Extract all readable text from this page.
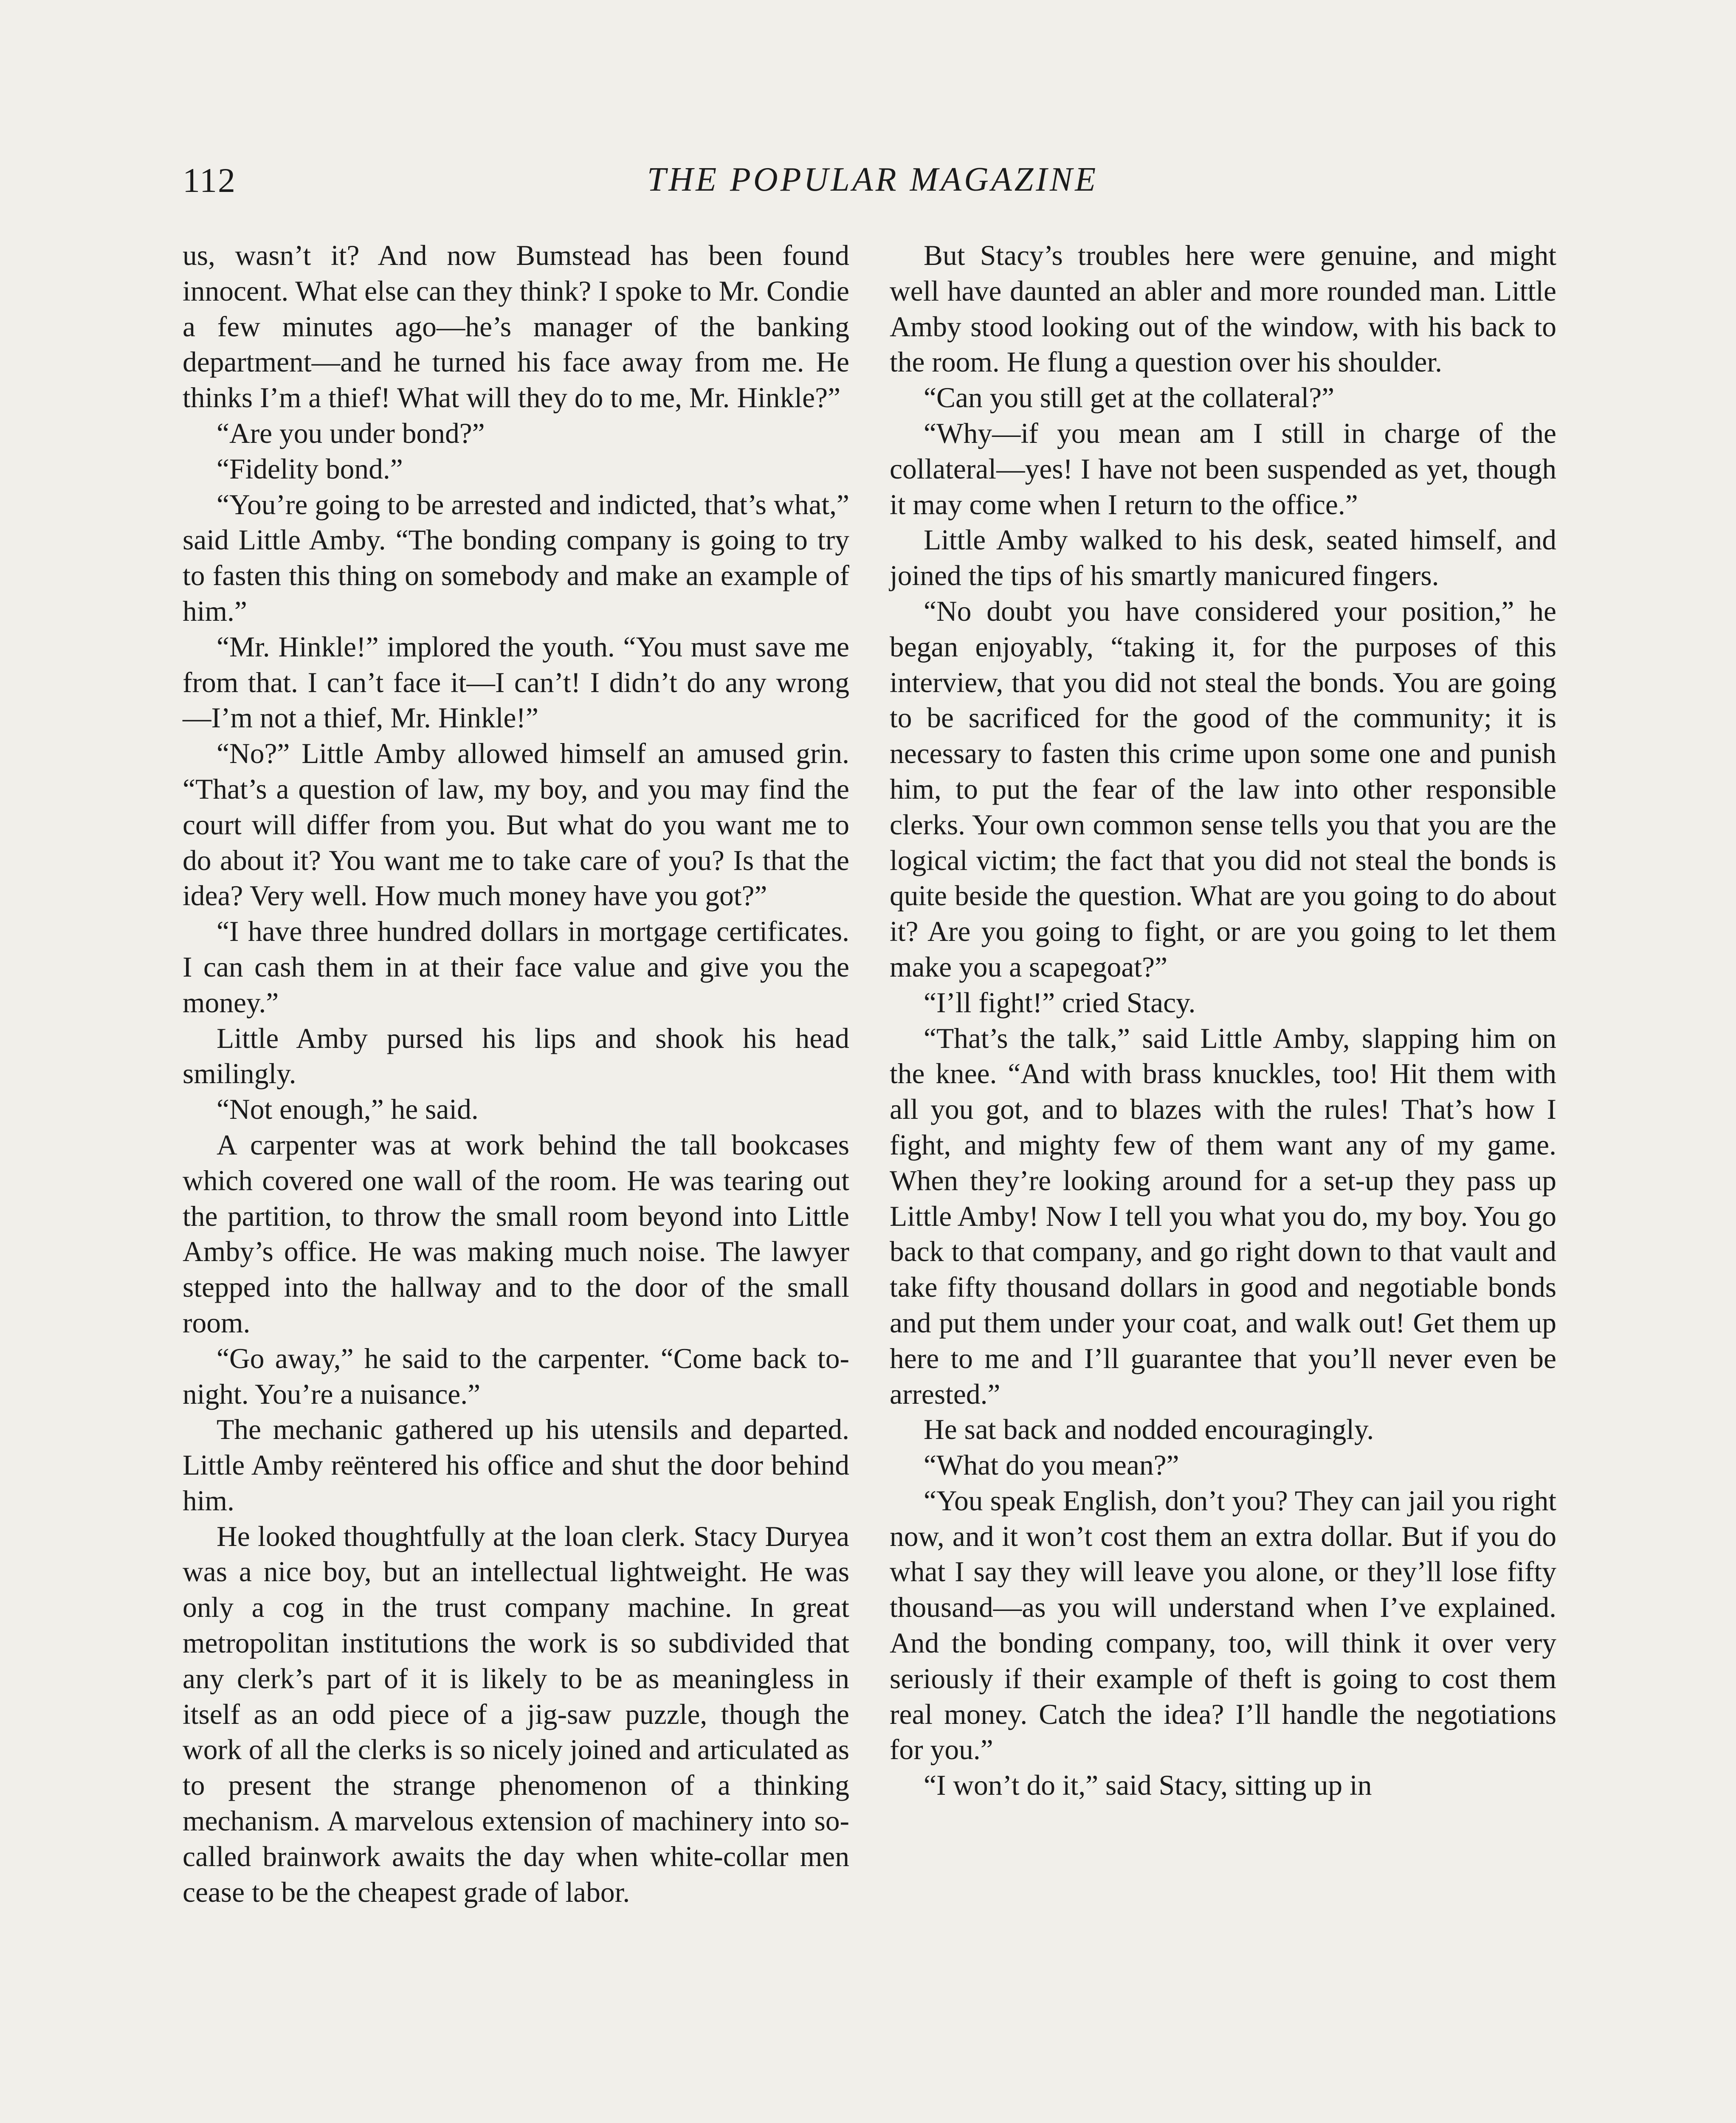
112	THE POPULAR MAGAZINE

us, wasn’t it? And now Bumstead has been found innocent. What else can they think? I spoke to Mr. Condie a few minutes ago—he’s manager of the banking department—and he turned his face away from me. He thinks I’m a thief! What will they do to me, Mr. Hinkle?”

“Are you under bond?”

“Fidelity bond.”

“You’re going to be arrested and indicted, that’s what,” said Little Amby. “The bonding company is going to try to fasten this thing on somebody and make an example of him.”

“Mr. Hinkle!” implored the youth. “You must save me from that. I can’t face it—I can’t! I didn’t do any wrong—I’m not a thief, Mr. Hinkle!”

“No?” Little Amby allowed himself an amused grin. “That’s a question of law, my boy, and you may find the court will differ from you. But what do you want me to do about it? You want me to take care of you? Is that the idea? Very well. How much money have you got?”

“I have three hundred dollars in mortgage certificates. I can cash them in at their face value and give you the money.”

Little Amby pursed his lips and shook his head smilingly.

“Not enough,” he said.

A carpenter was at work behind the tall bookcases which covered one wall of the room. He was tearing out the partition, to throw the small room beyond into Little Amby’s office. He was making much noise. The lawyer stepped into the hallway and to the door of the small room.

“Go away,” he said to the carpenter. “Come back to-night. You’re a nuisance.”

The mechanic gathered up his utensils and departed. Little Amby reëntered his office and shut the door behind him.

He looked thoughtfully at the loan clerk. Stacy Duryea was a nice boy, but an intellectual lightweight. He was only a cog in the trust company machine. In great metropolitan institutions the work is so subdivided that any clerk’s part of it is likely to be as meaningless in itself as an odd piece of a jig-saw puzzle, though the work of all the clerks is so nicely joined and articulated as to present the strange phenomenon of a thinking mechanism. A marvelous extension of machinery into so-called brainwork awaits the day when white-collar men cease to be the cheapest grade of labor.

But Stacy’s troubles here were genuine, and might well have daunted an abler and more rounded man. Little Amby stood looking out of the window, with his back to the room. He flung a question over his shoulder.

“Can you still get at the collateral?”

“Why—if you mean am I still in charge of the collateral—yes! I have not been suspended as yet, though it may come when I return to the office.”

Little Amby walked to his desk, seated himself, and joined the tips of his smartly manicured fingers.

“No doubt you have considered your position,” he began enjoyably, “taking it, for the purposes of this interview, that you did not steal the bonds. You are going to be sacrificed for the good of the community; it is necessary to fasten this crime upon some one and punish him, to put the fear of the law into other responsible clerks. Your own common sense tells you that you are the logical victim; the fact that you did not steal the bonds is quite beside the question. What are you going to do about it? Are you going to fight, or are you going to let them make you a scapegoat?”

“I’ll fight!” cried Stacy.

“That’s the talk,” said Little Amby, slapping him on the knee. “And with brass knuckles, too! Hit them with all you got, and to blazes with the rules! That’s how I fight, and mighty few of them want any of my game. When they’re looking around for a set-up they pass up Little Amby! Now I tell you what you do, my boy. You go back to that company, and go right down to that vault and take fifty thousand dollars in good and negotiable bonds and put them under your coat, and walk out! Get them up here to me and I’ll guarantee that you’ll never even be arrested.”

He sat back and nodded encouragingly.

“What do you mean?”

“You speak English, don’t you? They can jail you right now, and it won’t cost them an extra dollar. But if you do what I say they will leave you alone, or they’ll lose fifty thousand—as you will understand when I’ve explained. And the bonding company, too, will think it over very seriously if their example of theft is going to cost them real money. Catch the idea? I’ll handle the negotiations for you.”

“I won’t do it,” said Stacy, sitting up in
